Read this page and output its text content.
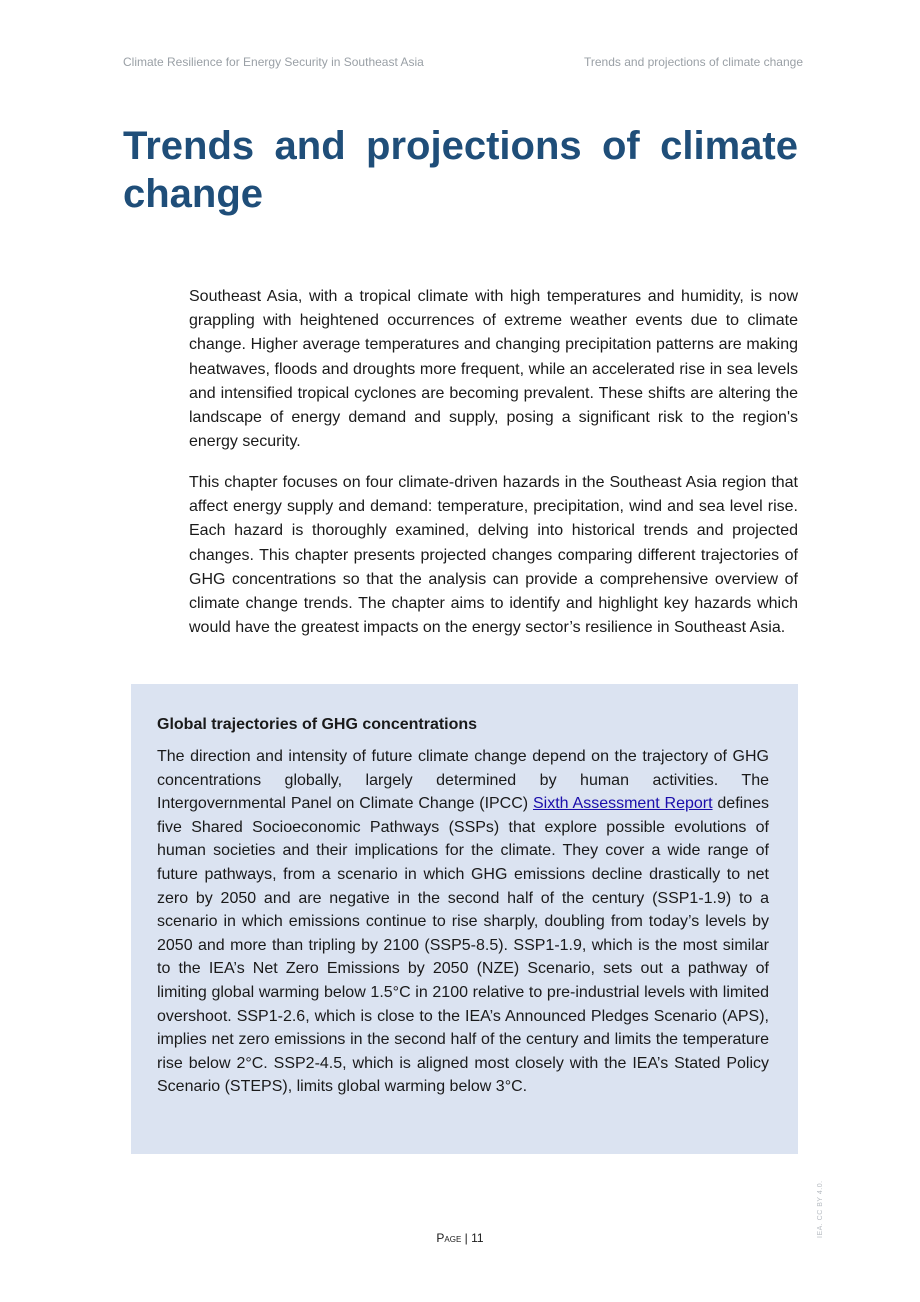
Climate Resilience for Energy Security in Southeast Asia	Trends and projections of climate change
Trends and projections of climate change

Southeast Asia, with a tropical climate with high temperatures and humidity, is now grappling with heightened occurrences of extreme weather events due to climate change. Higher average temperatures and changing precipitation patterns are making heatwaves, floods and droughts more frequent, while an accelerated rise in sea levels and intensified tropical cyclones are becoming prevalent. These shifts are altering the landscape of energy demand and supply, posing a significant risk to the region's energy security.

This chapter focuses on four climate-driven hazards in the Southeast Asia region that affect energy supply and demand: temperature, precipitation, wind and sea level rise. Each hazard is thoroughly examined, delving into historical trends and projected changes. This chapter presents projected changes comparing different trajectories of GHG concentrations so that the analysis can provide a comprehensive overview of climate change trends. The chapter aims to identify and highlight key hazards which would have the greatest impacts on the energy sector’s resilience in Southeast Asia.

Global trajectories of GHG concentrations

The direction and intensity of future climate change depend on the trajectory of GHG concentrations globally, largely determined by human activities. The Intergovernmental Panel on Climate Change (IPCC) Sixth Assessment Report defines five Shared Socioeconomic Pathways (SSPs) that explore possible evolutions of human societies and their implications for the climate. They cover a wide range of future pathways, from a scenario in which GHG emissions decline drastically to net zero by 2050 and are negative in the second half of the century (SSP1-1.9) to a scenario in which emissions continue to rise sharply, doubling from today’s levels by 2050 and more than tripling by 2100 (SSP5-8.5). SSP1-1.9, which is the most similar to the IEA’s Net Zero Emissions by 2050 (NZE) Scenario, sets out a pathway of limiting global warming below 1.5°C in 2100 relative to pre-industrial levels with limited overshoot. SSP1-2.6, which is close to the IEA’s Announced Pledges Scenario (APS), implies net zero emissions in the second half of the century and limits the temperature rise below 2°C. SSP2-4.5, which is aligned most closely with the IEA’s Stated Policy Scenario (STEPS), limits global warming below 3°C.

IEA. CC BY 4.0.
Page | 11
